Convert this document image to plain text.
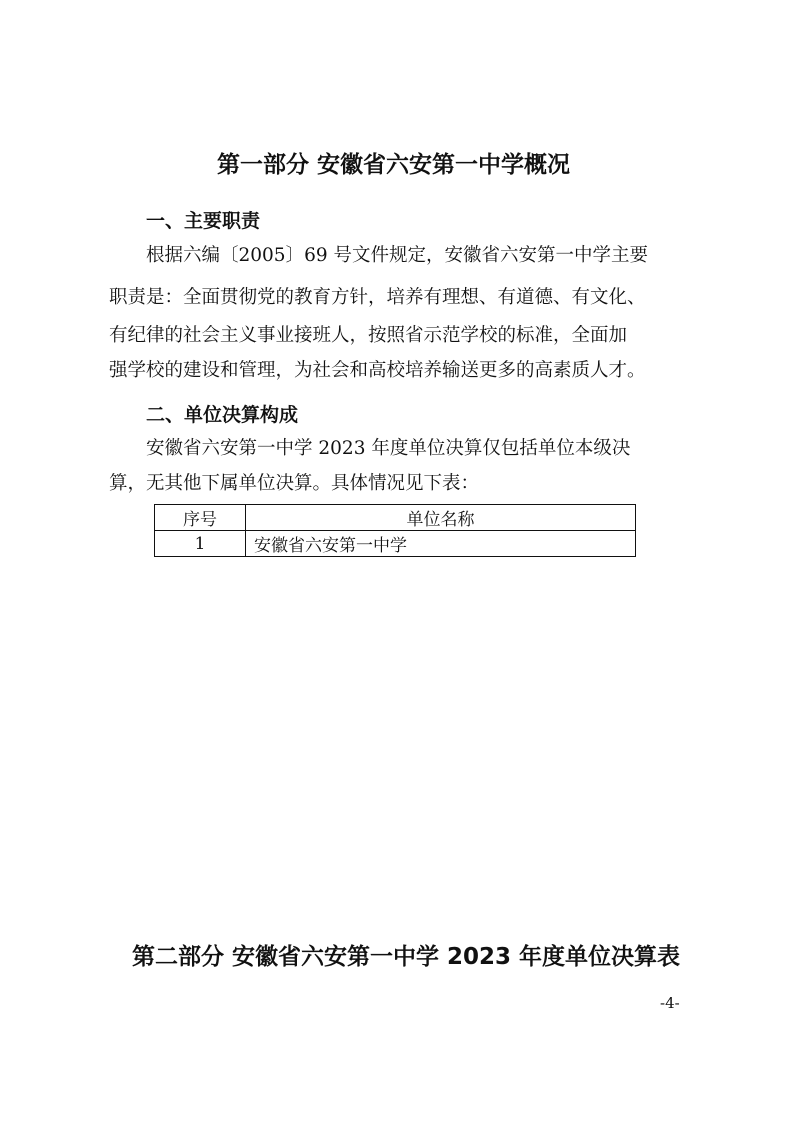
第一部分 安徽省六安第一中学概况
一、主要职责
根据六编〔2005〕69 号文件规定，安徽省六安第一中学主要
职责是：全面贯彻党的教育方针，培养有理想、有道德、有文化、
有纪律的社会主义事业接班人，按照省示范学校的标准，全面加
强学校的建设和管理，为社会和高校培养输送更多的高素质人才。
二、单位决算构成
安徽省六安第一中学 2023 年度单位决算仅包括单位本级决
算，无其他下属单位决算。具体情况见下表：
序号	单位名称
1	安徽省六安第一中学
第二部分 安徽省六安第一中学 2023 年度单位决算表
-4-
